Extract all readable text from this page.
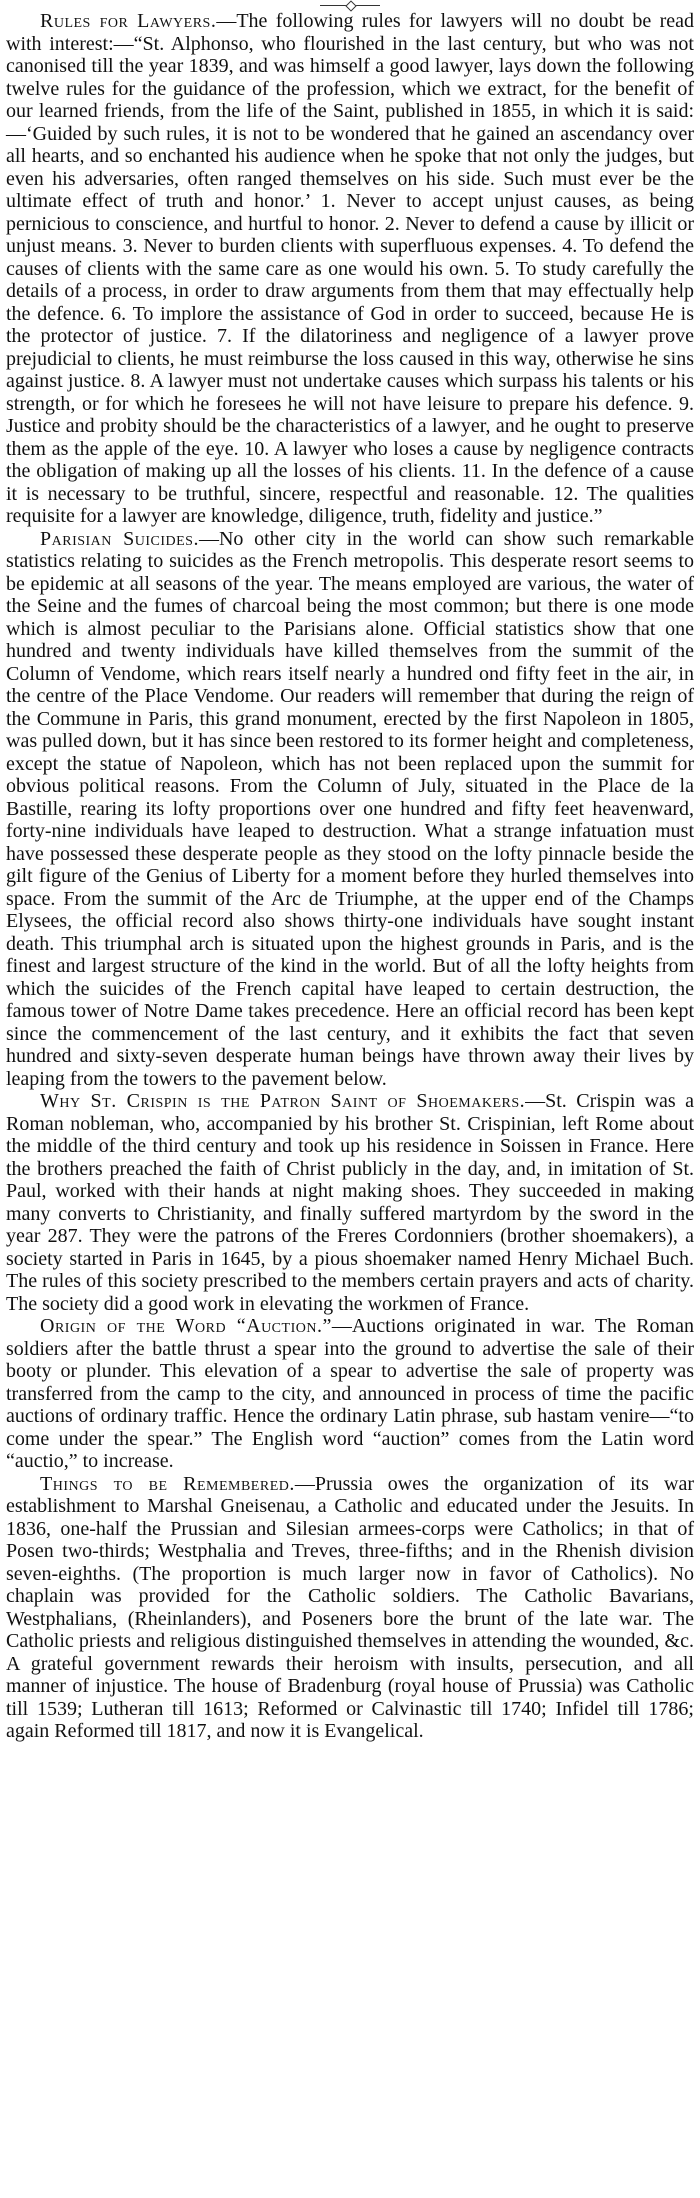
Rules for Lawyers.—The following rules for lawyers will no doubt be read with interest:—“St. Alphonso, who flourished in the last century, but who was not canonised till the year 1839, and was himself a good lawyer, lays down the following twelve rules for the guidance of the profession, which we extract, for the benefit of our learned friends, from the life of the Saint, published in 1855, in which it is said:—‘Guided by such rules, it is not to be wondered that he gained an ascendancy over all hearts, and so enchanted his audience when he spoke that not only the judges, but even his adversaries, often ranged themselves on his side. Such must ever be the ultimate effect of truth and honor.’ 1. Never to accept unjust causes, as being pernicious to conscience, and hurtful to honor. 2. Never to defend a cause by illicit or unjust means. 3. Never to burden clients with superfluous expenses. 4. To defend the causes of clients with the same care as one would his own. 5. To study carefully the details of a process, in order to draw arguments from them that may effectually help the defence. 6. To implore the assistance of God in order to succeed, because He is the protector of justice. 7. If the dilatoriness and negligence of a lawyer prove prejudicial to clients, he must reimburse the loss caused in this way, otherwise he sins against justice. 8. A lawyer must not undertake causes which surpass his talents or his strength, or for which he foresees he will not have leisure to prepare his defence. 9. Justice and probity should be the characteristics of a lawyer, and he ought to preserve them as the apple of the eye. 10. A lawyer who loses a cause by negligence contracts the obligation of making up all the losses of his clients. 11. In the defence of a cause it is necessary to be truthful, sincere, respectful and reasonable. 12. The qualities requisite for a lawyer are knowledge, diligence, truth, fidelity and justice.”

Parisian Suicides.—No other city in the world can show such remarkable statistics relating to suicides as the French metropolis. This desperate resort seems to be epidemic at all seasons of the year. The means employed are various, the water of the Seine and the fumes of charcoal being the most common; but there is one mode which is almost peculiar to the Parisians alone. Official statistics show that one hundred and twenty individuals have killed themselves from the summit of the Column of Vendome, which rears itself nearly a hundred ond fifty feet in the air, in the centre of the Place Vendome. Our readers will remember that during the reign of the Commune in Paris, this grand monument, erected by the first Napoleon in 1805, was pulled down, but it has since been restored to its former height and completeness, except the statue of Napoleon, which has not been replaced upon the summit for obvious political reasons. From the Column of July, situated in the Place de la Bastille, rearing its lofty proportions over one hundred and fifty feet heavenward, forty-nine individuals have leaped to destruction. What a strange infatuation must have possessed these desperate people as they stood on the lofty pinnacle beside the gilt figure of the Genius of Liberty for a moment before they hurled themselves into space. From the summit of the Arc de Triumphe, at the upper end of the Champs Elysees, the official record also shows thirty-one individuals have sought instant death. This triumphal arch is situated upon the highest grounds in Paris, and is the finest and largest structure of the kind in the world. But of all the lofty heights from which the suicides of the French capital have leaped to certain destruction, the famous tower of Notre Dame takes precedence. Here an official record has been kept since the commencement of the last century, and it exhibits the fact that seven hundred and sixty-seven desperate human beings have thrown away their lives by leaping from the towers to the pavement below.

Why St. Crispin is the Patron Saint of Shoemakers.—St. Crispin was a Roman nobleman, who, accompanied by his brother St. Crispinian, left Rome about the middle of the third century and took up his residence in Soissen in France. Here the brothers preached the faith of Christ publicly in the day, and, in imitation of St. Paul, worked with their hands at night making shoes. They succeeded in making many converts to Christianity, and finally suffered martyrdom by the sword in the year 287. They were the patrons of the Freres Cordonniers (brother shoemakers), a society started in Paris in 1645, by a pious shoemaker named Henry Michael Buch. The rules of this society prescribed to the members certain prayers and acts of charity. The society did a good work in elevating the workmen of France.

Origin of the Word “Auction.”—Auctions originated in war. The Roman soldiers after the battle thrust a spear into the ground to advertise the sale of their booty or plunder. This elevation of a spear to advertise the sale of property was transferred from the camp to the city, and announced in process of time the pacific auctions of ordinary traffic. Hence the ordinary Latin phrase, sub hastam venire—“to come under the spear.” The English word “auction” comes from the Latin word “auctio,” to increase.

Things to be Remembered.—Prussia owes the organization of its war establishment to Marshal Gneisenau, a Catholic and educated under the Jesuits. In 1836, one-half the Prussian and Silesian armees-corps were Catholics; in that of Posen two-thirds; Westphalia and Treves, three-fifths; and in the Rhenish division seven-eighths. (The proportion is much larger now in favor of Catholics). No chaplain was provided for the Catholic soldiers. The Catholic Bavarians, Westphalians, (Rheinlanders), and Poseners bore the brunt of the late war. The Catholic priests and religious distinguished themselves in attending the wounded, &c. A grateful government rewards their heroism with insults, persecution, and all manner of injustice. The house of Bradenburg (royal house of Prussia) was Catholic till 1539; Lutheran till 1613; Reformed or Calvinastic till 1740; Infidel till 1786; again Reformed till 1817, and now it is Evangelical.
